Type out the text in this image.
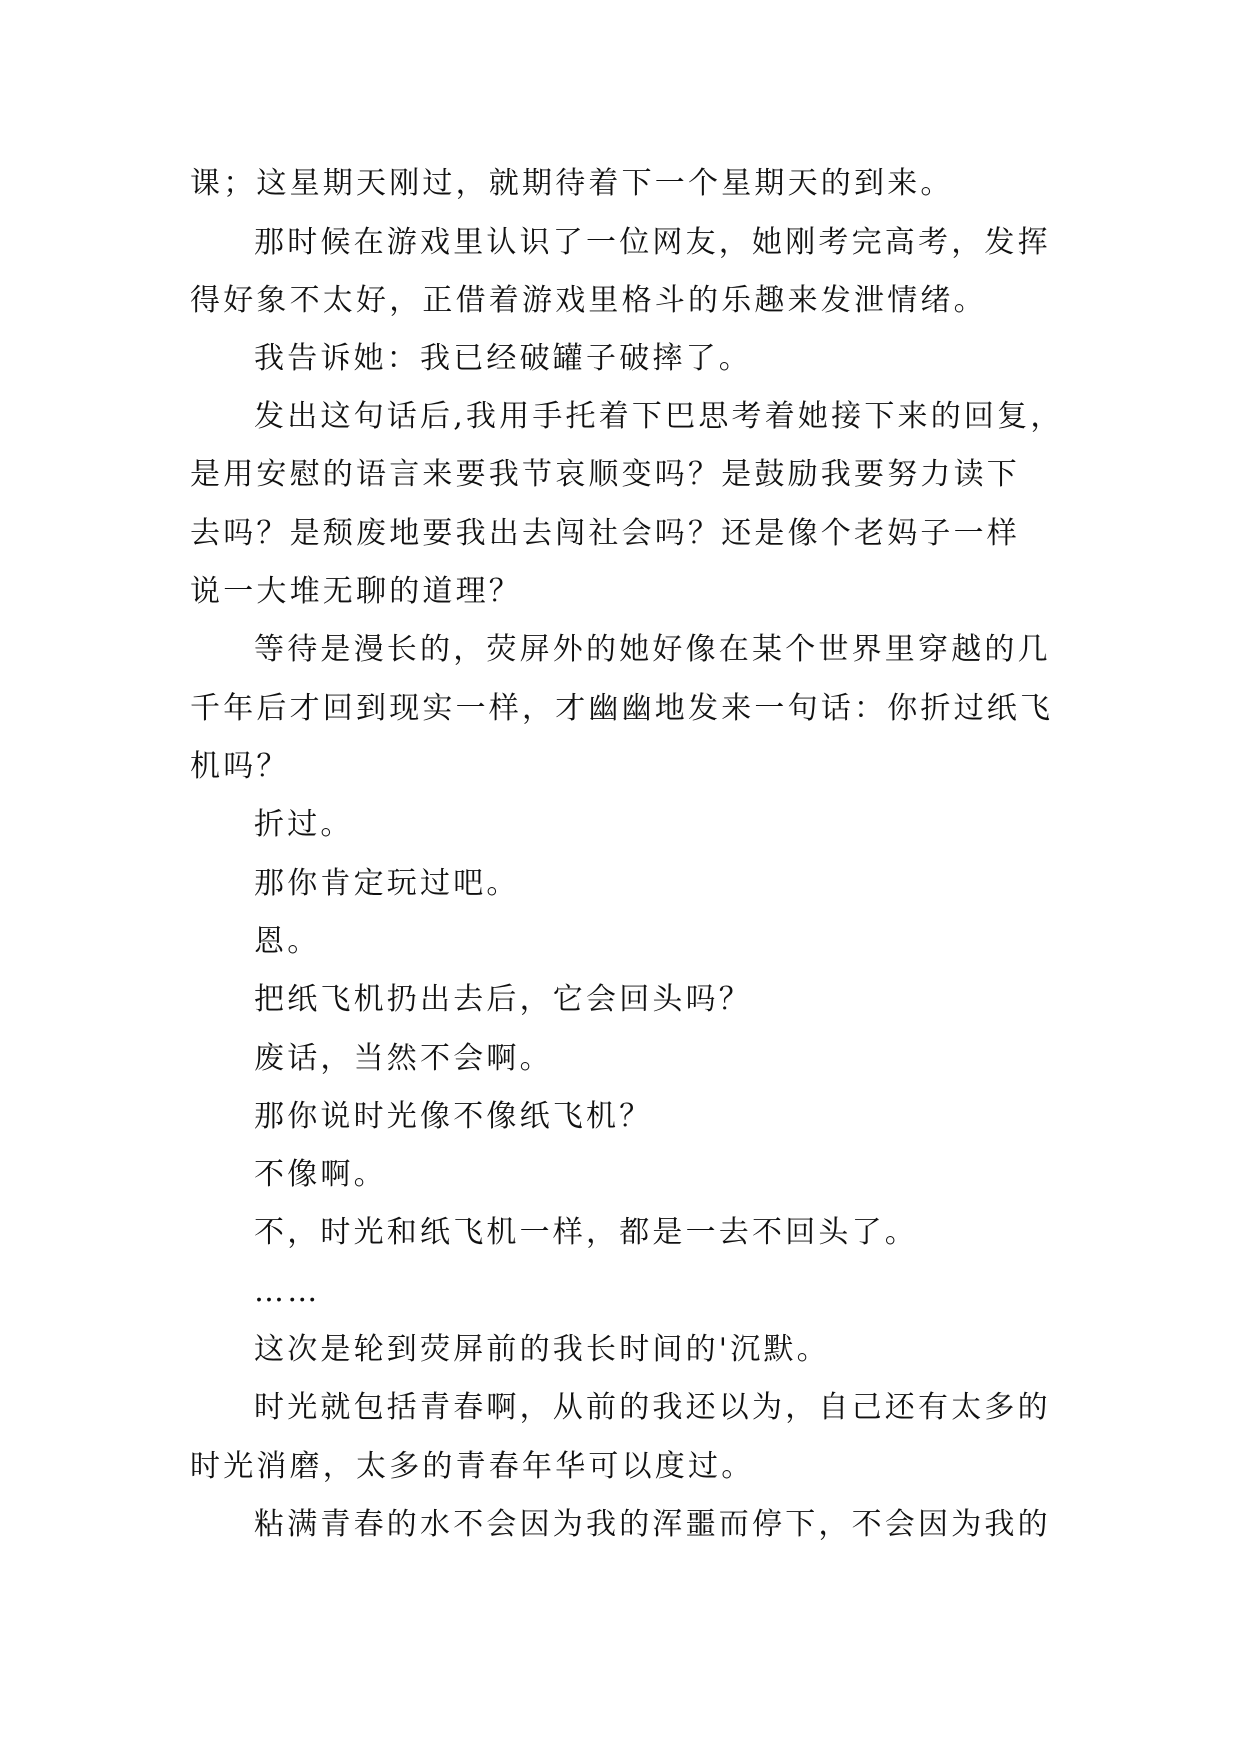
课；这星期天刚过，就期待着下一个星期天的到来。
那时候在游戏里认识了一位网友，她刚考完高考，发挥
得好象不太好，正借着游戏里格斗的乐趣来发泄情绪。
我告诉她：我已经破罐子破摔了。
发出这句话后,我用手托着下巴思考着她接下来的回复，
是用安慰的语言来要我节哀顺变吗？是鼓励我要努力读下
去吗？是颓废地要我出去闯社会吗？还是像个老妈子一样
说一大堆无聊的道理？
等待是漫长的，荧屏外的她好像在某个世界里穿越的几
千年后才回到现实一样，才幽幽地发来一句话：你折过纸飞
机吗？
折过。
那你肯定玩过吧。
恩。
把纸飞机扔出去后，它会回头吗？
废话，当然不会啊。
那你说时光像不像纸飞机？
不像啊。
不，时光和纸飞机一样，都是一去不回头了。
……
这次是轮到荧屏前的我长时间的'沉默。
时光就包括青春啊，从前的我还以为，自己还有太多的
时光消磨，太多的青春年华可以度过。
粘满青春的水不会因为我的浑噩而停下，不会因为我的
